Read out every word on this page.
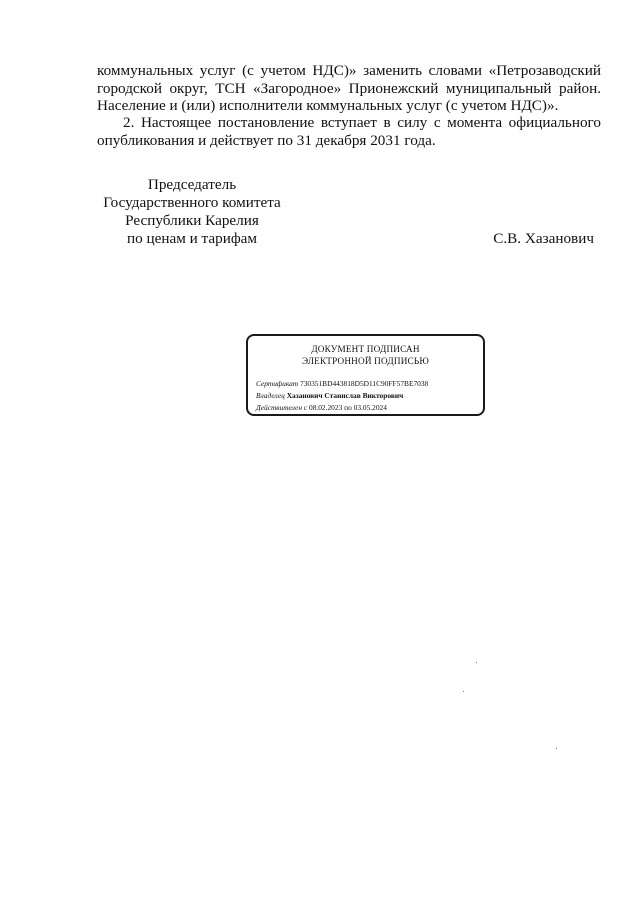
коммунальных услуг (с учетом НДС)» заменить словами «Петрозаводский
городской округ, ТСН «Загородное» Прионежский муниципальный район.
Население и (или) исполнители коммунальных услуг (с учетом НДС)».
2. Настоящее постановление вступает в силу с момента официального
опубликования и действует по 31 декабря 2031 года.
Председатель
Государственного комитета
Республики Карелия
по ценам и тарифам	С.В. Хазанович
ДОКУМЕНТ ПОДПИСАН
ЭЛЕКТРОННОЙ ПОДПИСЬЮ
Сертификат 730351BD443818D5D11C90FF57BE7038
Владелец Хазанович Станислав Викторович
Действителен с 08.02.2023 по 03.05.2024
